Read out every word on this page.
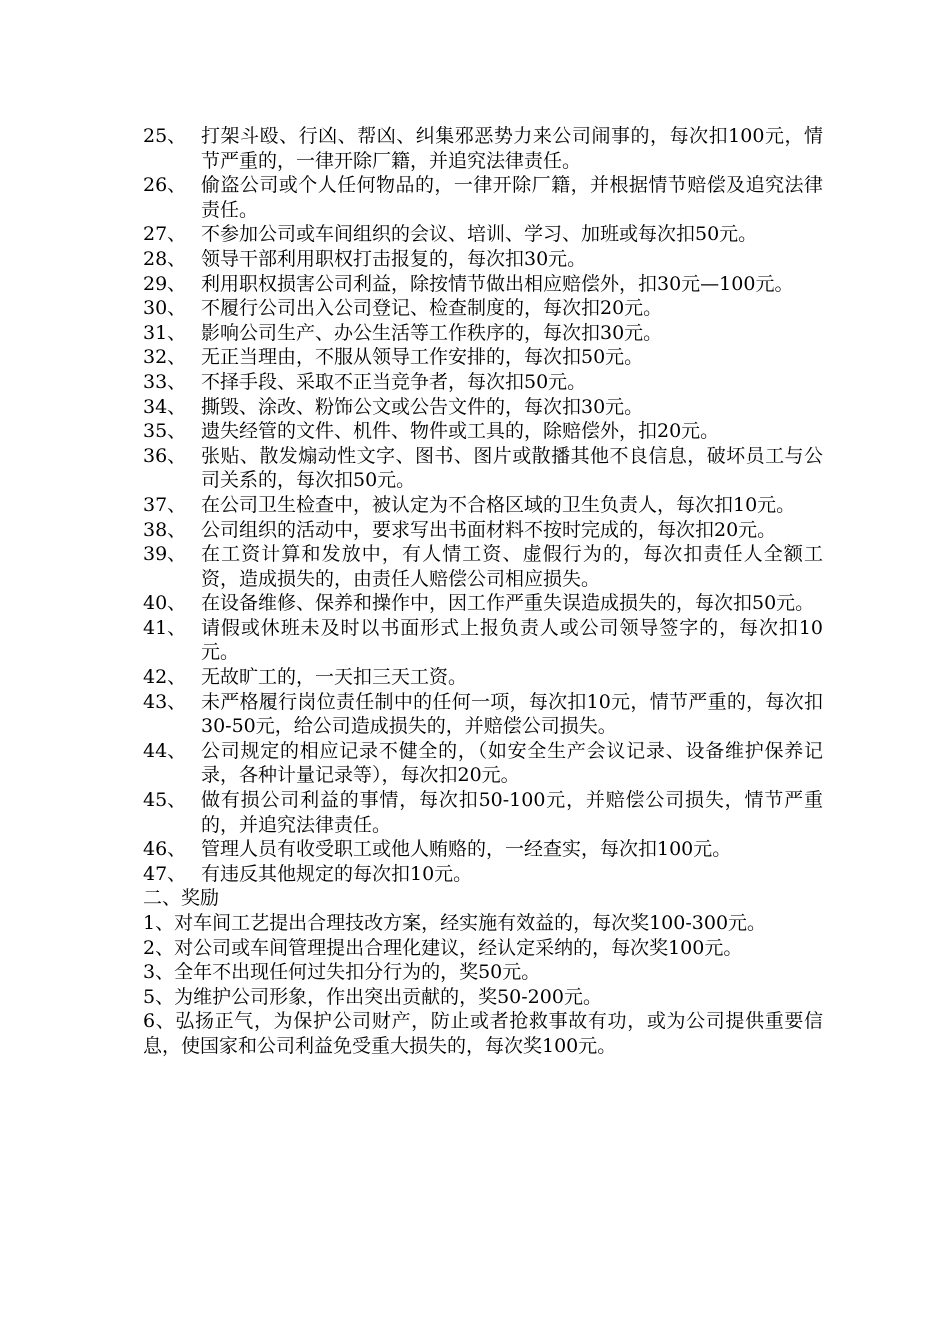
25、 打架斗殴、行凶、帮凶、纠集邪恶势力来公司闹事的，每次扣100元，情节严重的，一律开除厂籍，并追究法律责任。
26、 偷盗公司或个人任何物品的，一律开除厂籍，并根据情节赔偿及追究法律责任。
27、 不参加公司或车间组织的会议、培训、学习、加班或每次扣50元。
28、 领导干部利用职权打击报复的，每次扣30元。
29、 利用职权损害公司利益，除按情节做出相应赔偿外，扣30元—100元。
30、 不履行公司出入公司登记、检查制度的，每次扣20元。
31、 影响公司生产、办公生活等工作秩序的，每次扣30元。
32、 无正当理由，不服从领导工作安排的，每次扣50元。
33、 不择手段、采取不正当竞争者，每次扣50元。
34、 撕毁、涂改、粉饰公文或公告文件的，每次扣30元。
35、 遗失经管的文件、机件、物件或工具的，除赔偿外，扣20元。
36、 张贴、散发煽动性文字、图书、图片或散播其他不良信息，破坏员工与公司关系的，每次扣50元。
37、 在公司卫生检查中，被认定为不合格区域的卫生负责人，每次扣10元。
38、 公司组织的活动中，要求写出书面材料不按时完成的，每次扣20元。
39、 在工资计算和发放中，有人情工资、虚假行为的，每次扣责任人全额工资，造成损失的，由责任人赔偿公司相应损失。
40、 在设备维修、保养和操作中，因工作严重失误造成损失的，每次扣50元。
41、 请假或休班未及时以书面形式上报负责人或公司领导签字的，每次扣10元。
42、 无故旷工的，一天扣三天工资。
43、 未严格履行岗位责任制中的任何一项，每次扣10元，情节严重的，每次扣30-50元，给公司造成损失的，并赔偿公司损失。
44、 公司规定的相应记录不健全的，（如安全生产会议记录、设备维护保养记录，各种计量记录等），每次扣20元。
45、 做有损公司利益的事情，每次扣50-100元，并赔偿公司损失，情节严重的，并追究法律责任。
46、 管理人员有收受职工或他人贿赂的，一经查实，每次扣100元。
47、 有违反其他规定的每次扣10元。
二、奖励
1、对车间工艺提出合理技改方案，经实施有效益的，每次奖100-300元。
2、对公司或车间管理提出合理化建议，经认定采纳的，每次奖100元。
3、全年不出现任何过失扣分行为的，奖50元。
5、为维护公司形象，作出突出贡献的，奖50-200元。
6、弘扬正气，为保护公司财产，防止或者抢救事故有功，或为公司提供重要信息，使国家和公司利益免受重大损失的，每次奖100元。
